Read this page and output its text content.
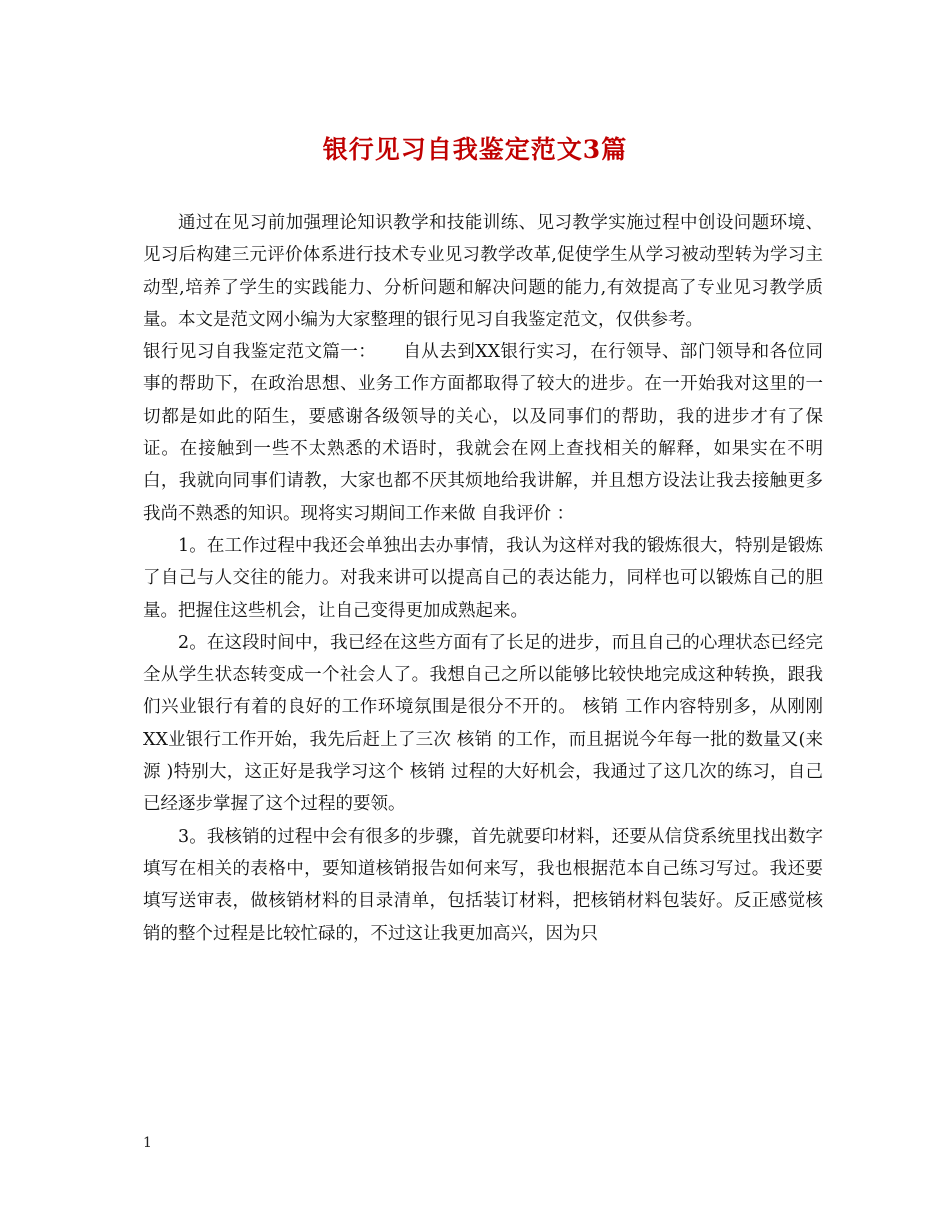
银行见习自我鉴定范文3篇

通过在见习前加强理论知识教学和技能训练、见习教学实施过程中创设问题环境、见习后构建三元评价体系进行技术专业见习教学改革,促使学生从学习被动型转为学习主动型,培养了学生的实践能力、分析问题和解决问题的能力,有效提高了专业见习教学质量。本文是范文网小编为大家整理的银行见习自我鉴定范文，仅供参考。

银行见习自我鉴定范文篇一：　　自从去到XX银行实习，在行领导、部门领导和各位同事的帮助下，在政治思想、业务工作方面都取得了较大的进步。在一开始我对这里的一切都是如此的陌生，要感谢各级领导的关心，以及同事们的帮助，我的进步才有了保证。在接触到一些不太熟悉的术语时，我就会在网上查找相关的解释，如果实在不明白，我就向同事们请教，大家也都不厌其烦地给我讲解，并且想方设法让我去接触更多我尚不熟悉的知识。现将实习期间工作来做 自我评价 ：

1。在工作过程中我还会单独出去办事情，我认为这样对我的锻炼很大，特别是锻炼了自己与人交往的能力。对我来讲可以提高自己的表达能力，同样也可以锻炼自己的胆量。把握住这些机会，让自己变得更加成熟起来。

2。在这段时间中，我已经在这些方面有了长足的进步，而且自己的心理状态已经完全从学生状态转变成一个社会人了。我想自己之所以能够比较快地完成这种转换，跟我们兴业银行有着的良好的工作环境氛围是很分不开的。 核销 工作内容特别多，从刚刚XX业银行工作开始，我先后赶上了三次 核销 的工作，而且据说今年每一批的数量又(来源 )特别大，这正好是我学习这个 核销 过程的大好机会，我通过了这几次的练习，自己已经逐步掌握了这个过程的要领。

3。我核销的过程中会有很多的步骤，首先就要印材料，还要从信贷系统里找出数字填写在相关的表格中，要知道核销报告如何来写，我也根据范本自己练习写过。我还要填写送审表，做核销材料的目录清单，包括装订材料，把核销材料包装好。反正感觉核销的整个过程是比较忙碌的，不过这让我更加高兴，因为只

1
